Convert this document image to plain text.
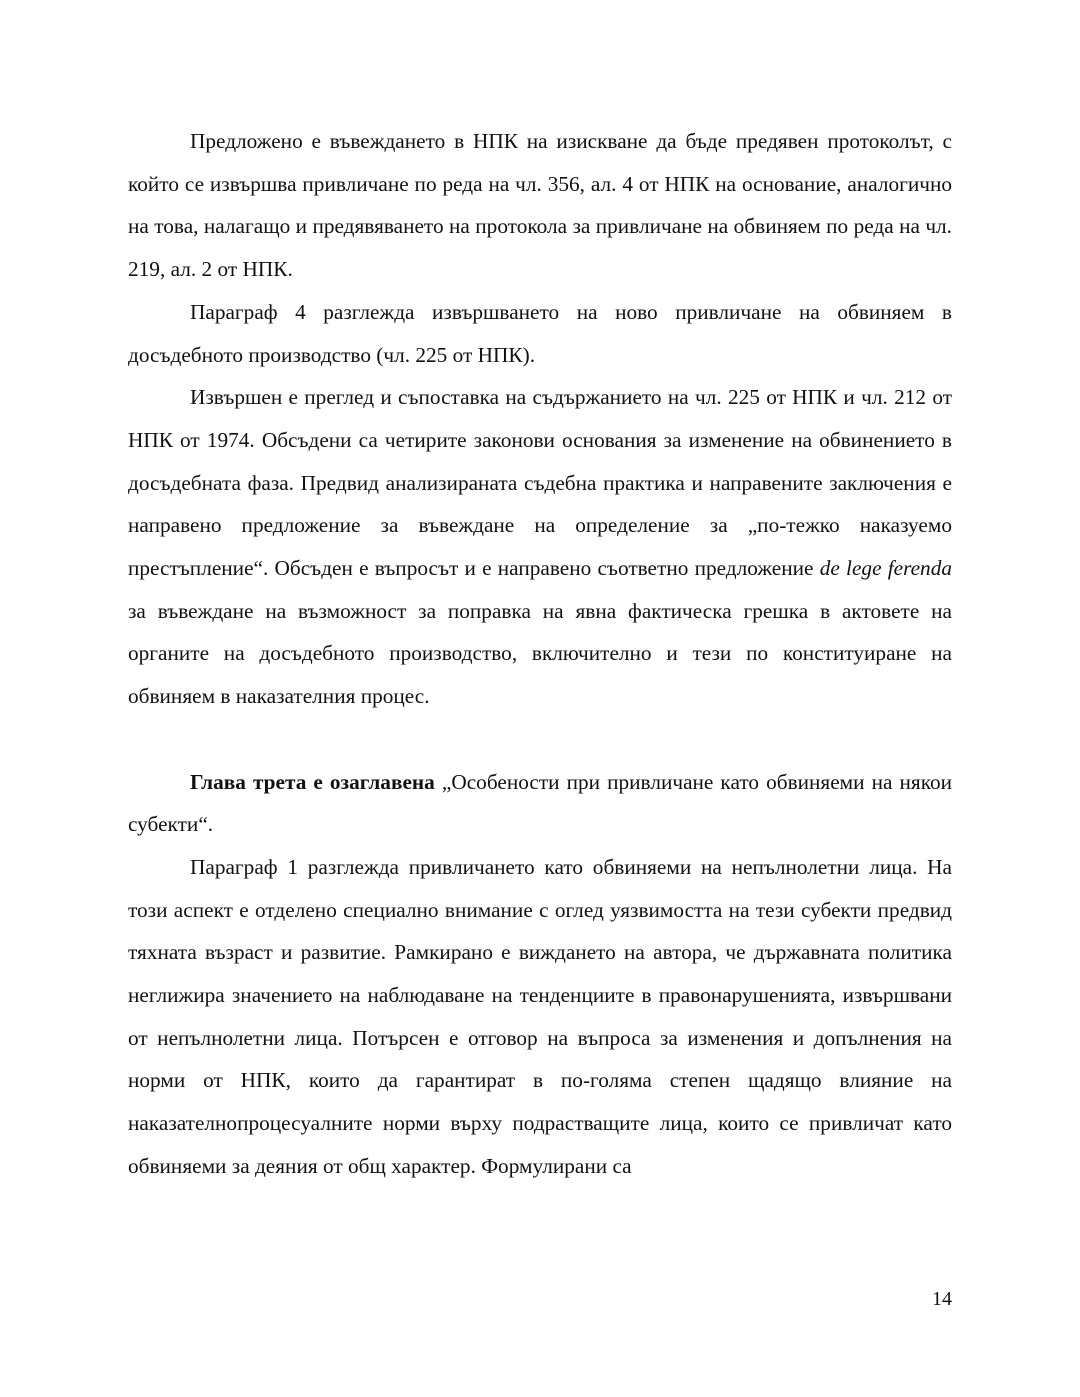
Предложено е въвеждането в НПК на изискване да бъде предявен протоколът, с който се извършва привличане по реда на чл. 356, ал. 4 от НПК на основание, аналогично на това, налагащо и предявяването на протокола за привличане на обвиняем по реда на чл. 219, ал. 2 от НПК.

Параграф 4 разглежда извършването на ново привличане на обвиняем в досъдебното производство (чл. 225 от НПК).

Извършен е преглед и съпоставка на съдържанието на чл. 225 от НПК и чл. 212 от НПК от 1974. Обсъдени са четирите законови основания за изменение на обвинението в досъдебната фаза. Предвид анализираната съдебна практика и направените заключения е направено предложение за въвеждане на определение за „по-тежко наказуемо престъпление“. Обсъден е въпросът и е направено съответно предложение de lege ferenda за въвеждане на възможност за поправка на явна фактическа грешка в актовете на органите на досъдебното производство, включително и тези по конституиране на обвиняем в наказателния процес.

Глава трета е озаглавена „Особености при привличане като обвиняеми на някои субекти“.

Параграф 1 разглежда привличането като обвиняеми на непълнолетни лица. На този аспект е отделено специално внимание с оглед уязвимостта на тези субекти предвид тяхната възраст и развитие. Рамкирано е виждането на автора, че държавната политика неглижира значението на наблюдаване на тенденциите в правонарушенията, извършвани от непълнолетни лица. Потърсен е отговор на въпроса за изменения и допълнения на норми от НПК, които да гарантират в по-голяма степен щадящо влияние на наказателнопроцесуалните норми върху подрастващите лица, които се привличат като обвиняеми за деяния от общ характер. Формулирани са

14
